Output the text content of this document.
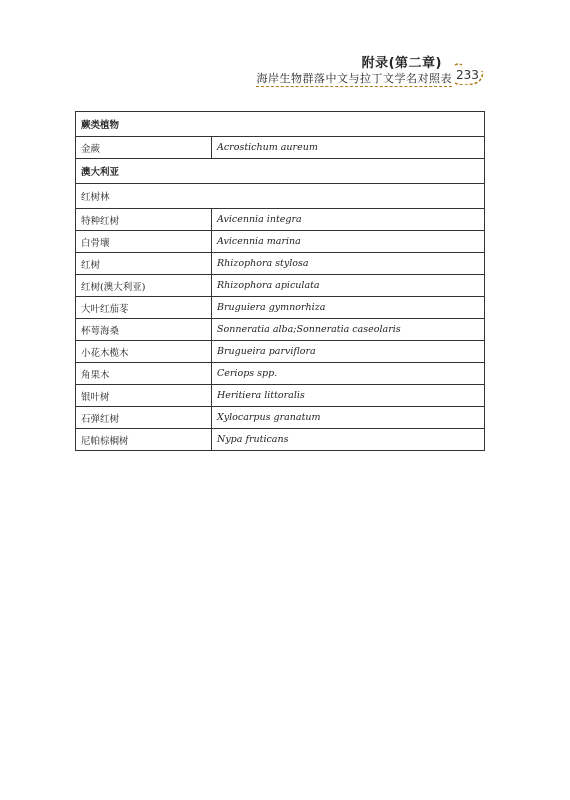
附录(第二章)
海岸生物群落中文与拉丁文学名对照表 233
蕨类植物	
金蕨	Acrostichum aureum
澳大利亚	
红树林	
特种红树	Avicennia integra
白骨壤	Avicennia marina
红树	Rhizophora stylosa
红树(澳大利亚)	Rhizophora apiculata
大叶红茄苳	Bruguiera gymnorhiza
杯萼海桑	Sonneratia alba;Sonneratia caseolaris
小花木榄木	Brugueira parviflora
角果木	Ceriops spp.
银叶树	Heritiera littoralis
石弹红树	Xylocarpus granatum
尼帕棕榈树	Nypa fruticans
